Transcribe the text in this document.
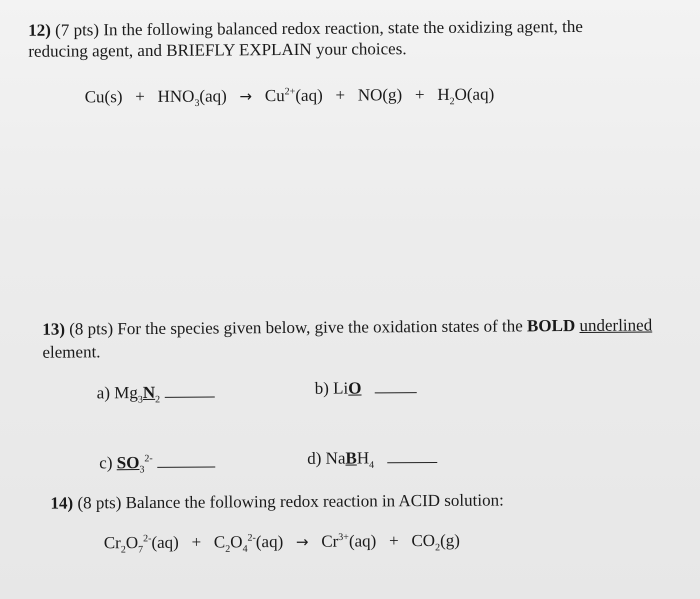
12) (7 pts) In the following balanced redox reaction, state the oxidizing agent, the
reducing agent, and BRIEFLY EXPLAIN your choices.
$Cu(s) + HNO_3(aq) \to Cu^{2+}(aq) + NO(g) + H_2O(aq)$
13) (8 pts) For the species given below, give the oxidation states of the BOLD underlined
element.
a) $Mg_3N_2$
b) LiO
c) $SO_3^{2-}$	d) NaBH$_4$
14) (8 pts) Balance the following redox reaction in ACID solution:
$Cr_2O_7^{2-}(aq) + C_2O_4^{2-}(aq) \to Cr^{3+}(aq) + CO_2(g)$
